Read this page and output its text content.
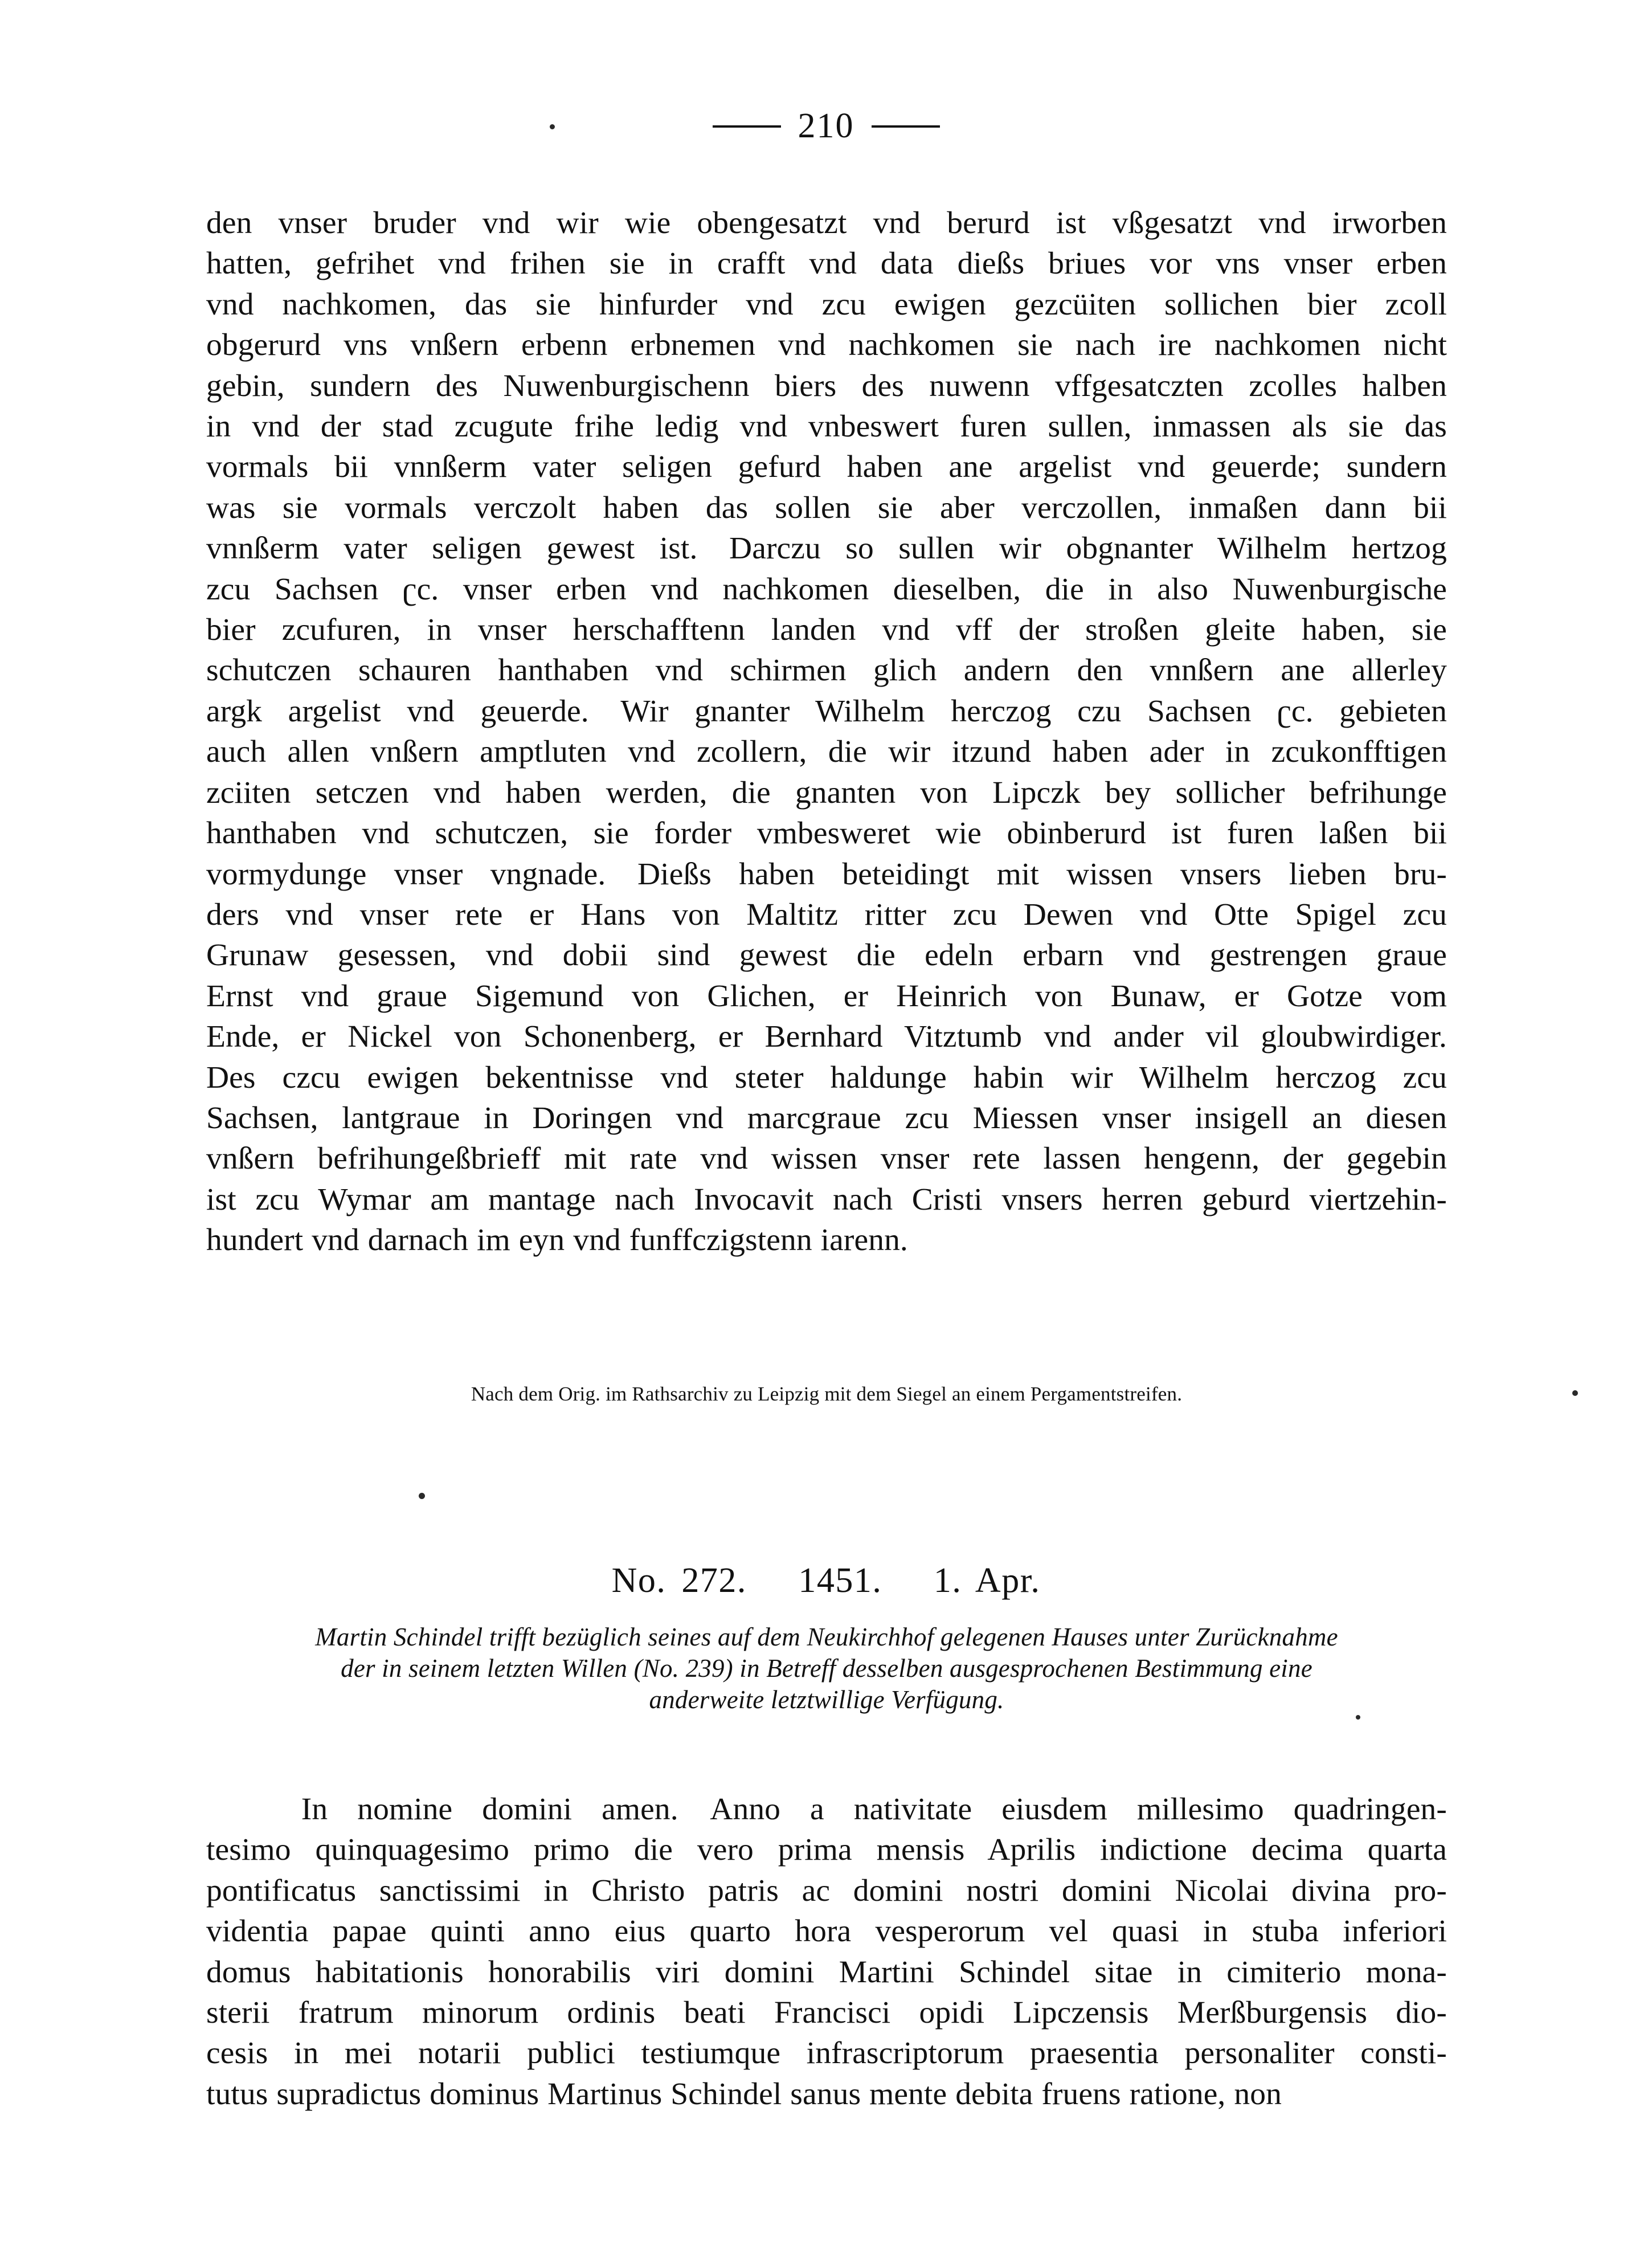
210
den vnser bruder vnd wir wie obengesatzt vnd berurd ist vßgesatzt vnd irworben
hatten, gefrihet vnd frihen sie in crafft vnd data dießs briues vor vns vnser erben
vnd nachkomen, das sie hinfurder vnd zcu ewigen gezcüiten sollichen bier zcoll
obgerurd vns vnßern erbenn erbnemen vnd nachkomen sie nach ire nachkomen nicht
gebin, sundern des Nuwenburgischenn biers des nuwenn vffgesatczten zcolles halben
in vnd der stad zcugute frihe ledig vnd vnbeswert furen sullen, inmassen als sie das
vormals bii vnnßerm vater seligen gefurd haben ane argelist vnd geuerde; sundern
was sie vormals verczolt haben das sollen sie aber verczollen, inmaßen dann bii
vnnßerm vater seligen gewest ist. Darczu so sullen wir obgnanter Wilhelm hertzog
zcu Sachsen ʗc. vnser erben vnd nachkomen dieselben, die in also Nuwenburgische
bier zcufuren, in vnser herschafftenn landen vnd vff der stroßen gleite haben, sie
schutczen schauren hanthaben vnd schirmen glich andern den vnnßern ane allerley
argk argelist vnd geuerde. Wir gnanter Wilhelm herczog czu Sachsen ʗc. gebieten
auch allen vnßern amptluten vnd zcollern, die wir itzund haben ader in zcukonfftigen
zciiten setczen vnd haben werden, die gnanten von Lipczk bey sollicher befrihunge
hanthaben vnd schutczen, sie forder vmbesweret wie obinberurd ist furen laßen bii
vormydunge vnser vngnade. Dießs haben beteidingt mit wissen vnsers lieben bru-
ders vnd vnser rete er Hans von Maltitz ritter zcu Dewen vnd Otte Spigel zcu
Grunaw gesessen, vnd dobii sind gewest die edeln erbarn vnd gestrengen graue
Ernst vnd graue Sigemund von Glichen, er Heinrich von Bunaw, er Gotze vom
Ende, er Nickel von Schonenberg, er Bernhard Vitztumb vnd ander vil gloubwirdiger.
Des czcu ewigen bekentnisse vnd steter haldunge habin wir Wilhelm herczog zcu
Sachsen, lantgraue in Doringen vnd marcgraue zcu Miessen vnser insigell an diesen
vnßern befrihungeßbrieff mit rate vnd wissen vnser rete lassen hengenn, der gegebin
ist zcu Wymar am mantage nach Invocavit nach Cristi vnsers herren geburd viertzehin-
hundert vnd darnach im eyn vnd funffczigstenn iarenn.
Nach dem Orig. im Rathsarchiv zu Leipzig mit dem Siegel an einem Pergamentstreifen.
No. 272.  1451.  1. Apr.
Martin Schindel trifft bezüglich seines auf dem Neukirchhof gelegenen Hauses unter Zurücknahme
der in seinem letzten Willen (No. 239) in Betreff desselben ausgesprochenen Bestimmung eine
anderweite letztwillige Verfügung.
   In nomine domini amen. Anno a nativitate eiusdem millesimo quadringen-
tesimo quinquagesimo primo die vero prima mensis Aprilis indictione decima quarta
pontificatus sanctissimi in Christo patris ac domini nostri domini Nicolai divina pro-
videntia papae quinti anno eius quarto hora vesperorum vel quasi in stuba inferiori
domus habitationis honorabilis viri domini Martini Schindel sitae in cimiterio mona-
sterii fratrum minorum ordinis beati Francisci opidi Lipczensis Merßburgensis dio-
cesis in mei notarii publici testiumque infrascriptorum praesentia personaliter consti-
tutus supradictus dominus Martinus Schindel sanus mente debita fruens ratione, non
